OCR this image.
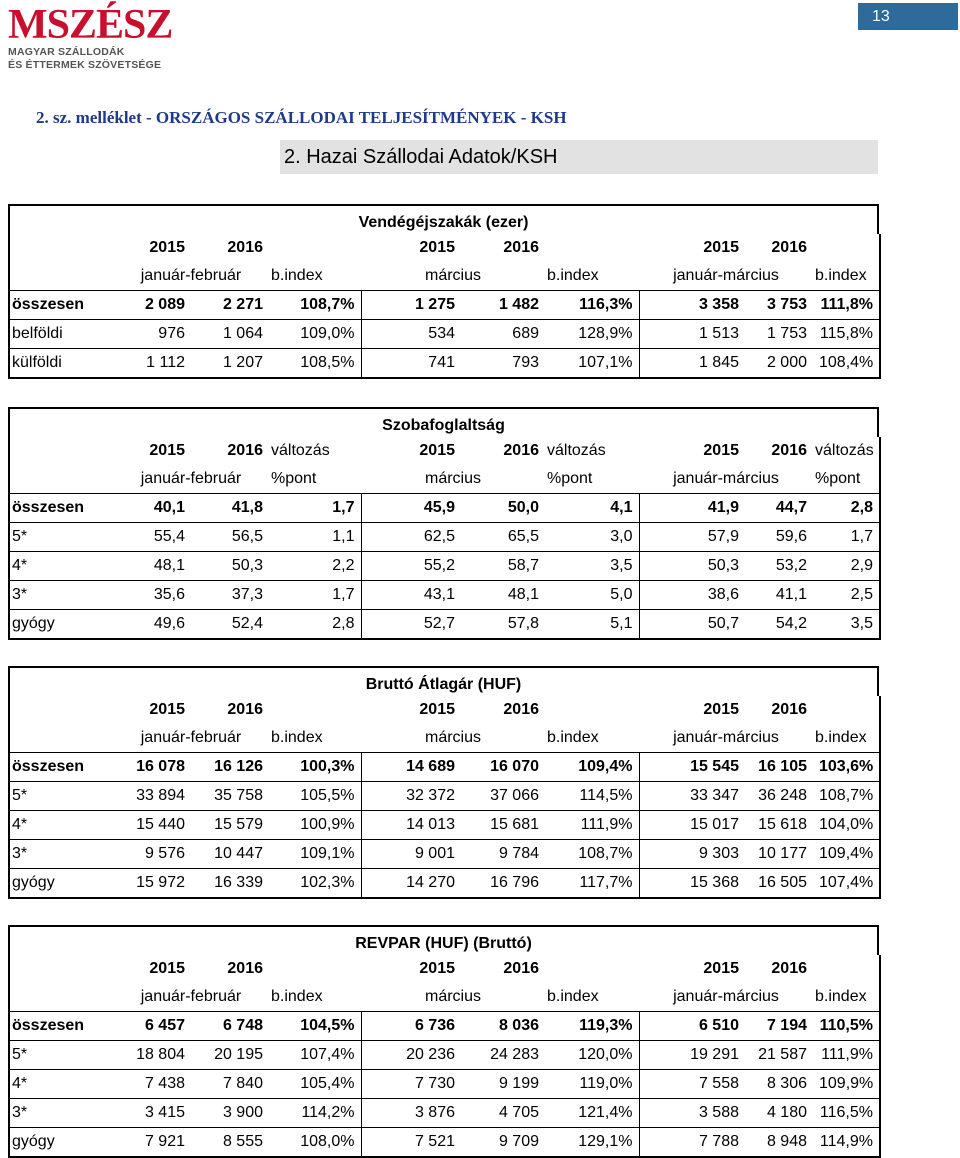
MSZÉSZ
MAGYAR SZÁLLODÁK
ÉS ÉTTERMEK SZÖVETSÉGE
13
2. sz. melléklet - ORSZÁGOS SZÁLLODAI TELJESÍTMÉNYEK - KSH
2. Hazai Szállodai Adatok/KSH
Vendégéjszakák (ezer)
	2015	2016		2015	2016		2015	2016	
	január-február		b.index	március		b.index	január-március		b.index
összesen	2 089	2 271	108,7%	1 275	1 482	116,3%	3 358	3 753	111,8%
belföldi	976	1 064	109,0%	534	689	128,9%	1 513	1 753	115,8%
külföldi	1 112	1 207	108,5%	741	793	107,1%	1 845	2 000	108,4%
Szobafoglaltság
	2015	2016	változás	2015	2016	változás	2015	2016	változás
	január-február		%pont	március		%pont	január-március		%pont
összesen	40,1	41,8	1,7	45,9	50,0	4,1	41,9	44,7	2,8
5*	55,4	56,5	1,1	62,5	65,5	3,0	57,9	59,6	1,7
4*	48,1	50,3	2,2	55,2	58,7	3,5	50,3	53,2	2,9
3*	35,6	37,3	1,7	43,1	48,1	5,0	38,6	41,1	2,5
gyógy	49,6	52,4	2,8	52,7	57,8	5,1	50,7	54,2	3,5
Bruttó Átlagár (HUF)
	2015	2016		2015	2016		2015	2016	
	január-február		b.index	március		b.index	január-március		b.index
összesen	16 078	16 126	100,3%	14 689	16 070	109,4%	15 545	16 105	103,6%
5*	33 894	35 758	105,5%	32 372	37 066	114,5%	33 347	36 248	108,7%
4*	15 440	15 579	100,9%	14 013	15 681	111,9%	15 017	15 618	104,0%
3*	9 576	10 447	109,1%	9 001	9 784	108,7%	9 303	10 177	109,4%
gyógy	15 972	16 339	102,3%	14 270	16 796	117,7%	15 368	16 505	107,4%
REVPAR (HUF) (Bruttó)
	2015	2016		2015	2016		2015	2016	
	január-február		b.index	március		b.index	január-március		b.index
összesen	6 457	6 748	104,5%	6 736	8 036	119,3%	6 510	7 194	110,5%
5*	18 804	20 195	107,4%	20 236	24 283	120,0%	19 291	21 587	111,9%
4*	7 438	7 840	105,4%	7 730	9 199	119,0%	7 558	8 306	109,9%
3*	3 415	3 900	114,2%	3 876	4 705	121,4%	3 588	4 180	116,5%
gyógy	7 921	8 555	108,0%	7 521	9 709	129,1%	7 788	8 948	114,9%
